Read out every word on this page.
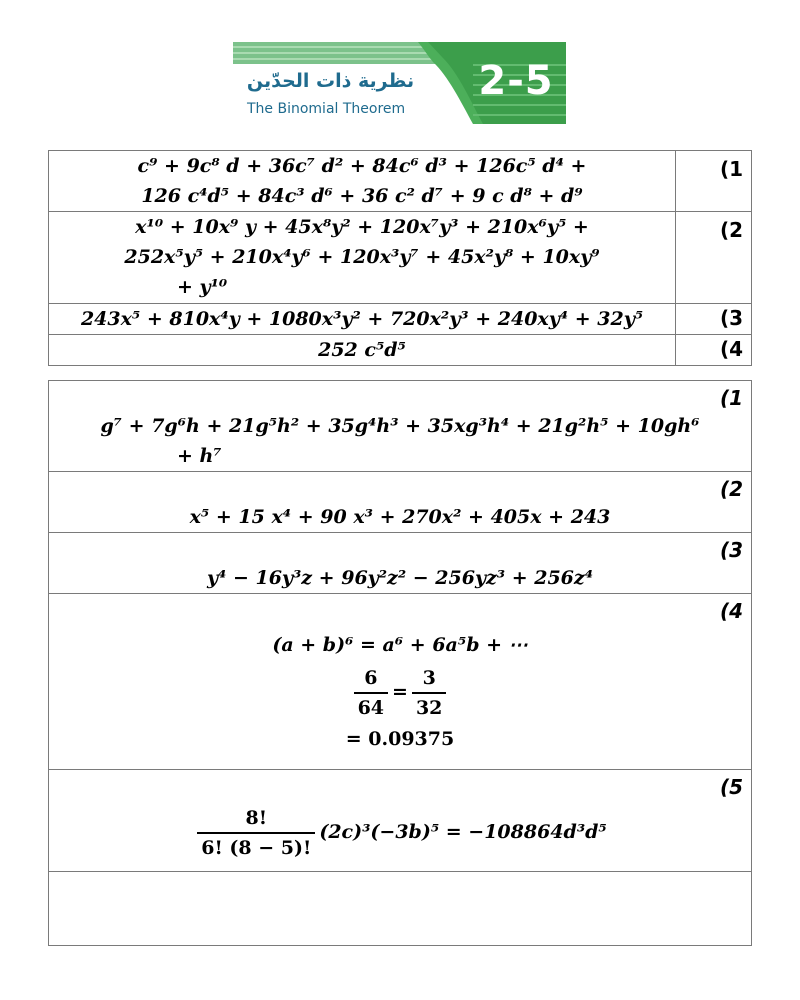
نظرية ذات الحدّين
The Binomial Theorem
2-5
c⁹ + 9c⁸ d + 36c⁷ d² + 84c⁶ d³ + 126c⁵ d⁴ +
126 c⁴d⁵ + 84c³ d⁶ + 36 c² d⁷ + 9 c d⁸ + d⁹	(1

x¹⁰ + 10x⁹ y + 45x⁸y² + 120x⁷y³ + 210x⁶y⁵ +
252x⁵y⁵ + 210x⁴y⁶ + 120x³y⁷ + 45x²y⁸ + 10xy⁹
+ y¹⁰	(2

243x⁵ + 810x⁴y + 1080x³y² + 720x²y³ + 240xy⁴ + 32y⁵	(3

252 c⁵d⁵	(4
(1
g⁷ + 7g⁶h + 21g⁵h² + 35g⁴h³ + 35xg³h⁴ + 21g²h⁵ + 10gh⁶
+ h⁷

(2
x⁵ + 15 x⁴ + 90 x³ + 270x² + 405x + 243

(3
y⁴ − 16y³z + 96y²z² − 256yz³ + 256z⁴

(4
(a + b)⁶ = a⁶ + 6a⁵b + ⋯
$\frac{6}{64} = \frac{3}{32}$
= 0.09375

(5
$\frac{8!}{6! (8 - 5)!} (2c)^3(-3b)^5 = -108864d^3d^5$
